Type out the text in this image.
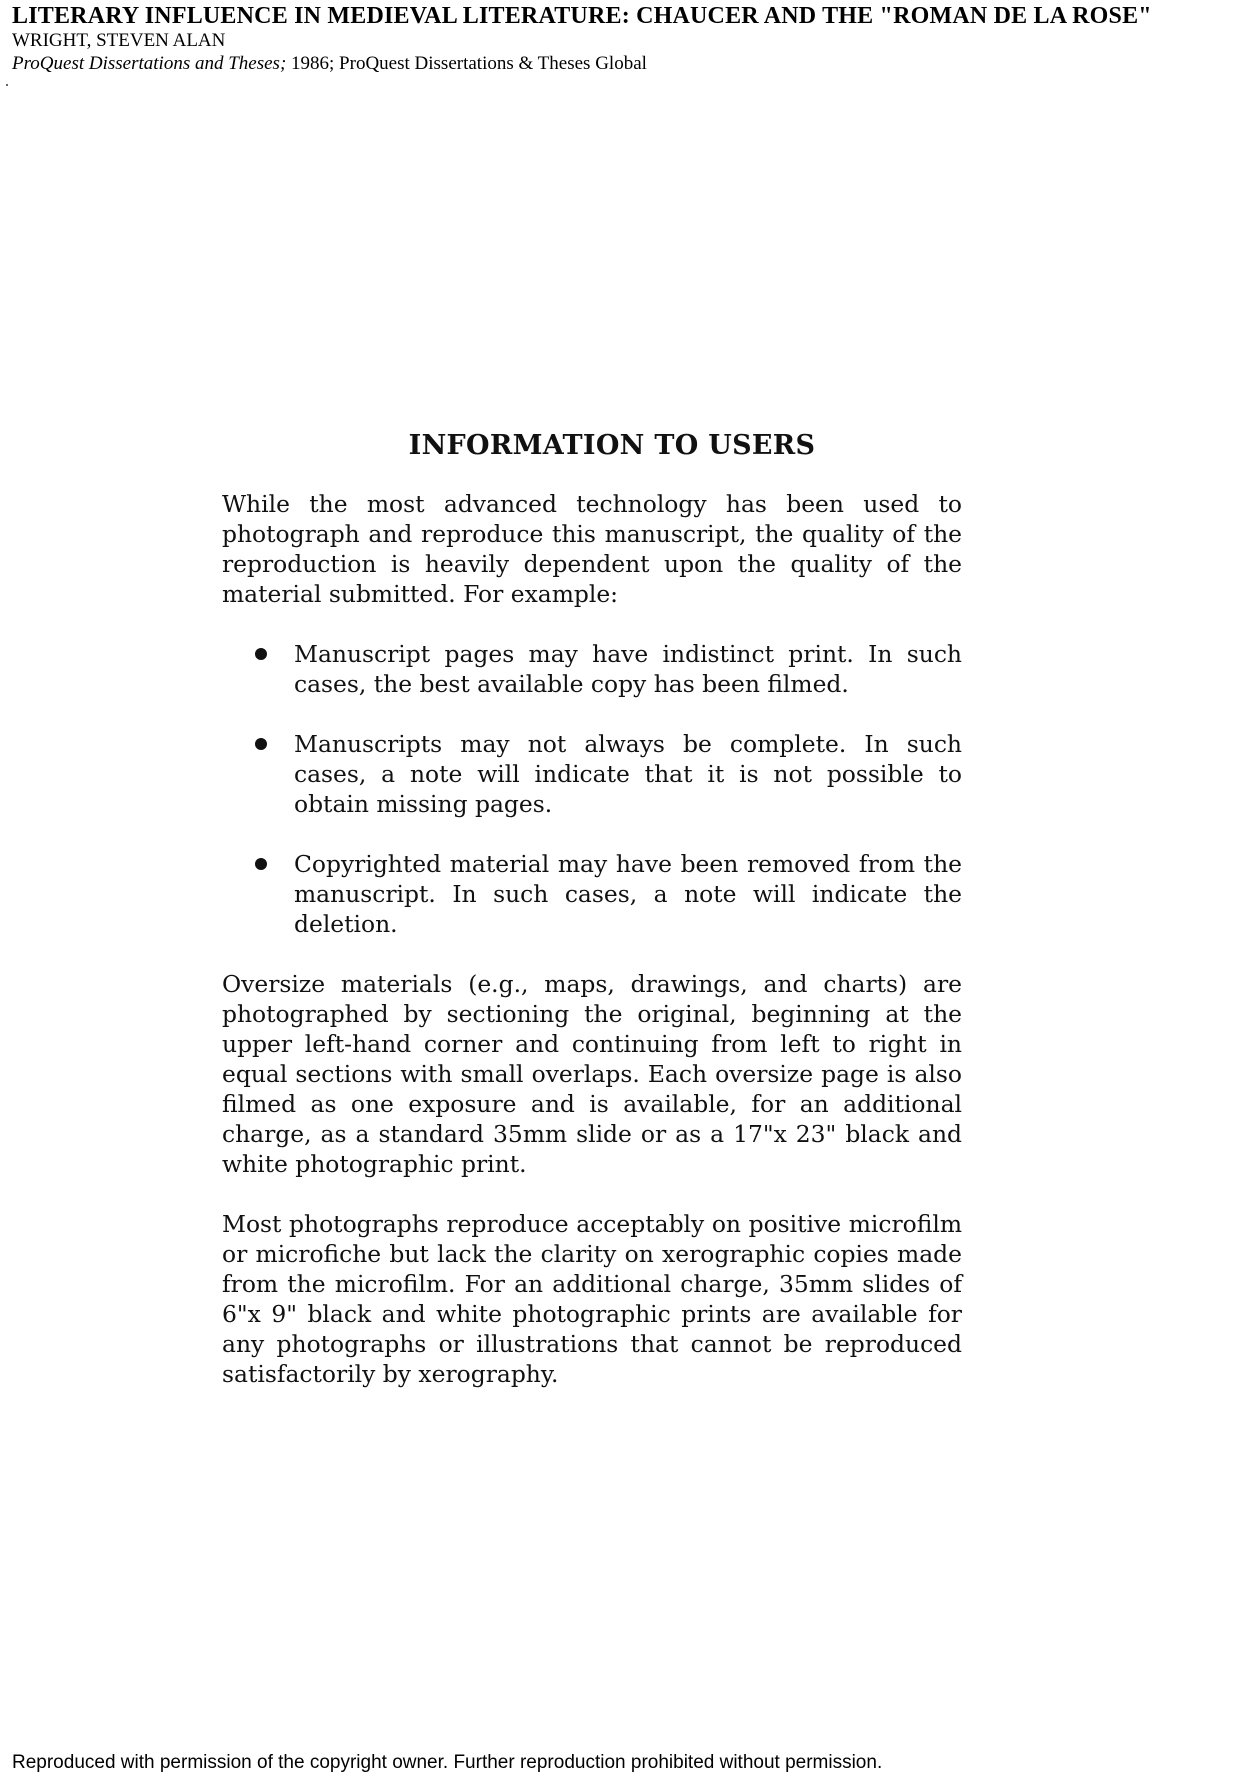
LITERARY INFLUENCE IN MEDIEVAL LITERATURE: CHAUCER AND THE "ROMAN DE LA ROSE"
WRIGHT, STEVEN ALAN
ProQuest Dissertations and Theses; 1986; ProQuest Dissertations & Theses Global
INFORMATION TO USERS

While the most advanced technology has been used to photograph and reproduce this manuscript, the quality of the reproduction is heavily dependent upon the quality of the material submitted. For example:

Manuscript pages may have indistinct print. In such cases, the best available copy has been filmed.
Manuscripts may not always be complete. In such cases, a note will indicate that it is not possible to obtain missing pages.
Copyrighted material may have been removed from the manuscript. In such cases, a note will indicate the deletion.

Oversize materials (e.g., maps, drawings, and charts) are photographed by sectioning the original, beginning at the upper left-hand corner and continuing from left to right in equal sections with small overlaps. Each oversize page is also filmed as one exposure and is available, for an additional charge, as a standard 35mm slide or as a 17"x 23" black and white photographic print.

Most photographs reproduce acceptably on positive microfilm or microfiche but lack the clarity on xerographic copies made from the microfilm. For an additional charge, 35mm slides of 6"x 9" black and white photographic prints are available for any photographs or illustrations that cannot be reproduced satisfactorily by xerography.

Reproduced with permission of the copyright owner. Further reproduction prohibited without permission.
